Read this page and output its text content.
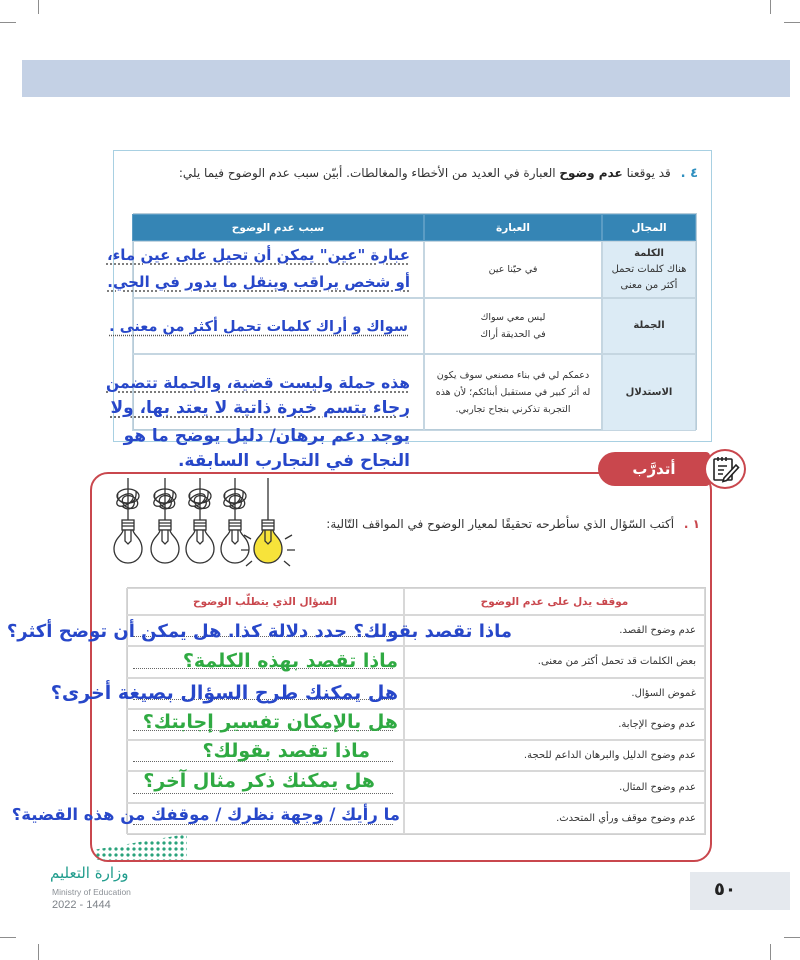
٤ . قد يوقعنا عدم وضوح العبارة في العديد من الأخطاء والمغالطات. أبيّن سبب عدم الوضوح فيما يلي:
المجال
العبارة
سبب عدم الوضوح
الكلمة
هناك كلمات تحمل
أكثر من معنى
في حيّنا عين
الجملة
ليس معي سواك
في الحديقة أراك
الاستدلال
دعمكم لي في بناء مصنعي سوف يكون
له أثر كبير في مستقبل أبنائكم؛ لأن هذه
التجربة تذكرني بنجاح تجاربي.
عبارة "عين" يمكن أن تحيل على عين ماء،
أو شخص يراقب وينقل ما يدور في الحي.
سواك و أراك كلمات تحمل أكثر من معنى .
هذه جملة وليست قضية، والجملة تتضمن
رجاء يتسم خبرة ذاتية لا يعتد بها، ولا
يوجد دعم برهان/ دليل يوضح ما هو
النجاح في التجارب السابقة.	أتدرَّب
١ . أكتب السّؤال الذي سأطرحه تحقيقًا لمعيار الوضوح في المواقف التّالية:
موقف يدل على عدم الوضوح
السؤال الذي يتطلّب الوضوح
عدم وضوح القصد.
بعض الكلمات قد تحمل أكثر من معنى.
غموض السؤال.
عدم وضوح الإجابة.
عدم وضوح الدليل والبرهان الداعم للحجة.
عدم وضوح المثال.
عدم وضوح موقف ورأي المتحدث.
وزارة التعليم
Ministry of Education
2022 - 1444
٥٠
ماذا تقصد بقولك؟ حدد دلالة كذا. هل يمكن أن توضح أكثر؟
ماذا تقصد بهذه الكلمة؟
هل يمكنك طرح السؤال بصيغة أخرى؟
هل بالإمكان تفسير إجابتك؟
ماذا تقصد بقولك؟
هل يمكنك ذكر مثال آخر؟
ما رأيك / وجهة نظرك / موقفك من هذه القضية؟
